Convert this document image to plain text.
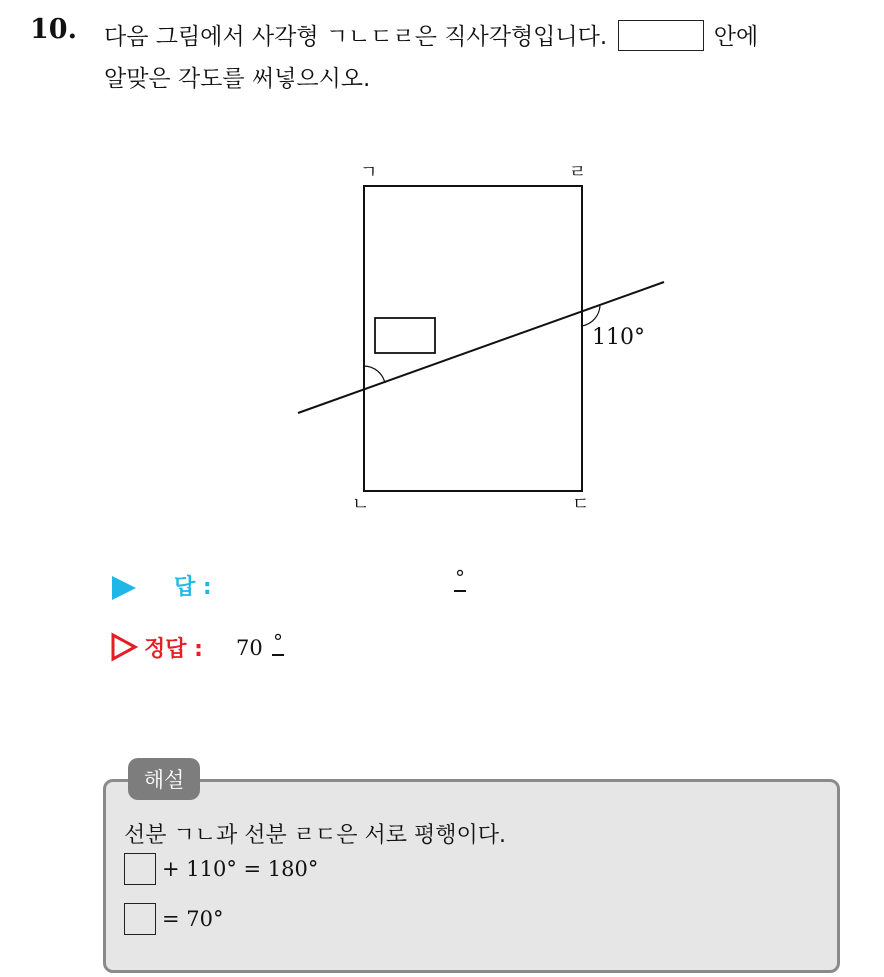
10. 다음 그림에서 사각형 ㄱㄴㄷㄹ은 직사각형입니다.	안에
알맞은 각도를 써넣으시오.
ㄱ	ㄹ
ㄴ	ㄷ
110°
답 :	°
정답 : 70 °
해설
선분 ㄱㄴ과 선분 ㄹㄷ은 서로 평행이다.
+ 110° = 180°
= 70°
